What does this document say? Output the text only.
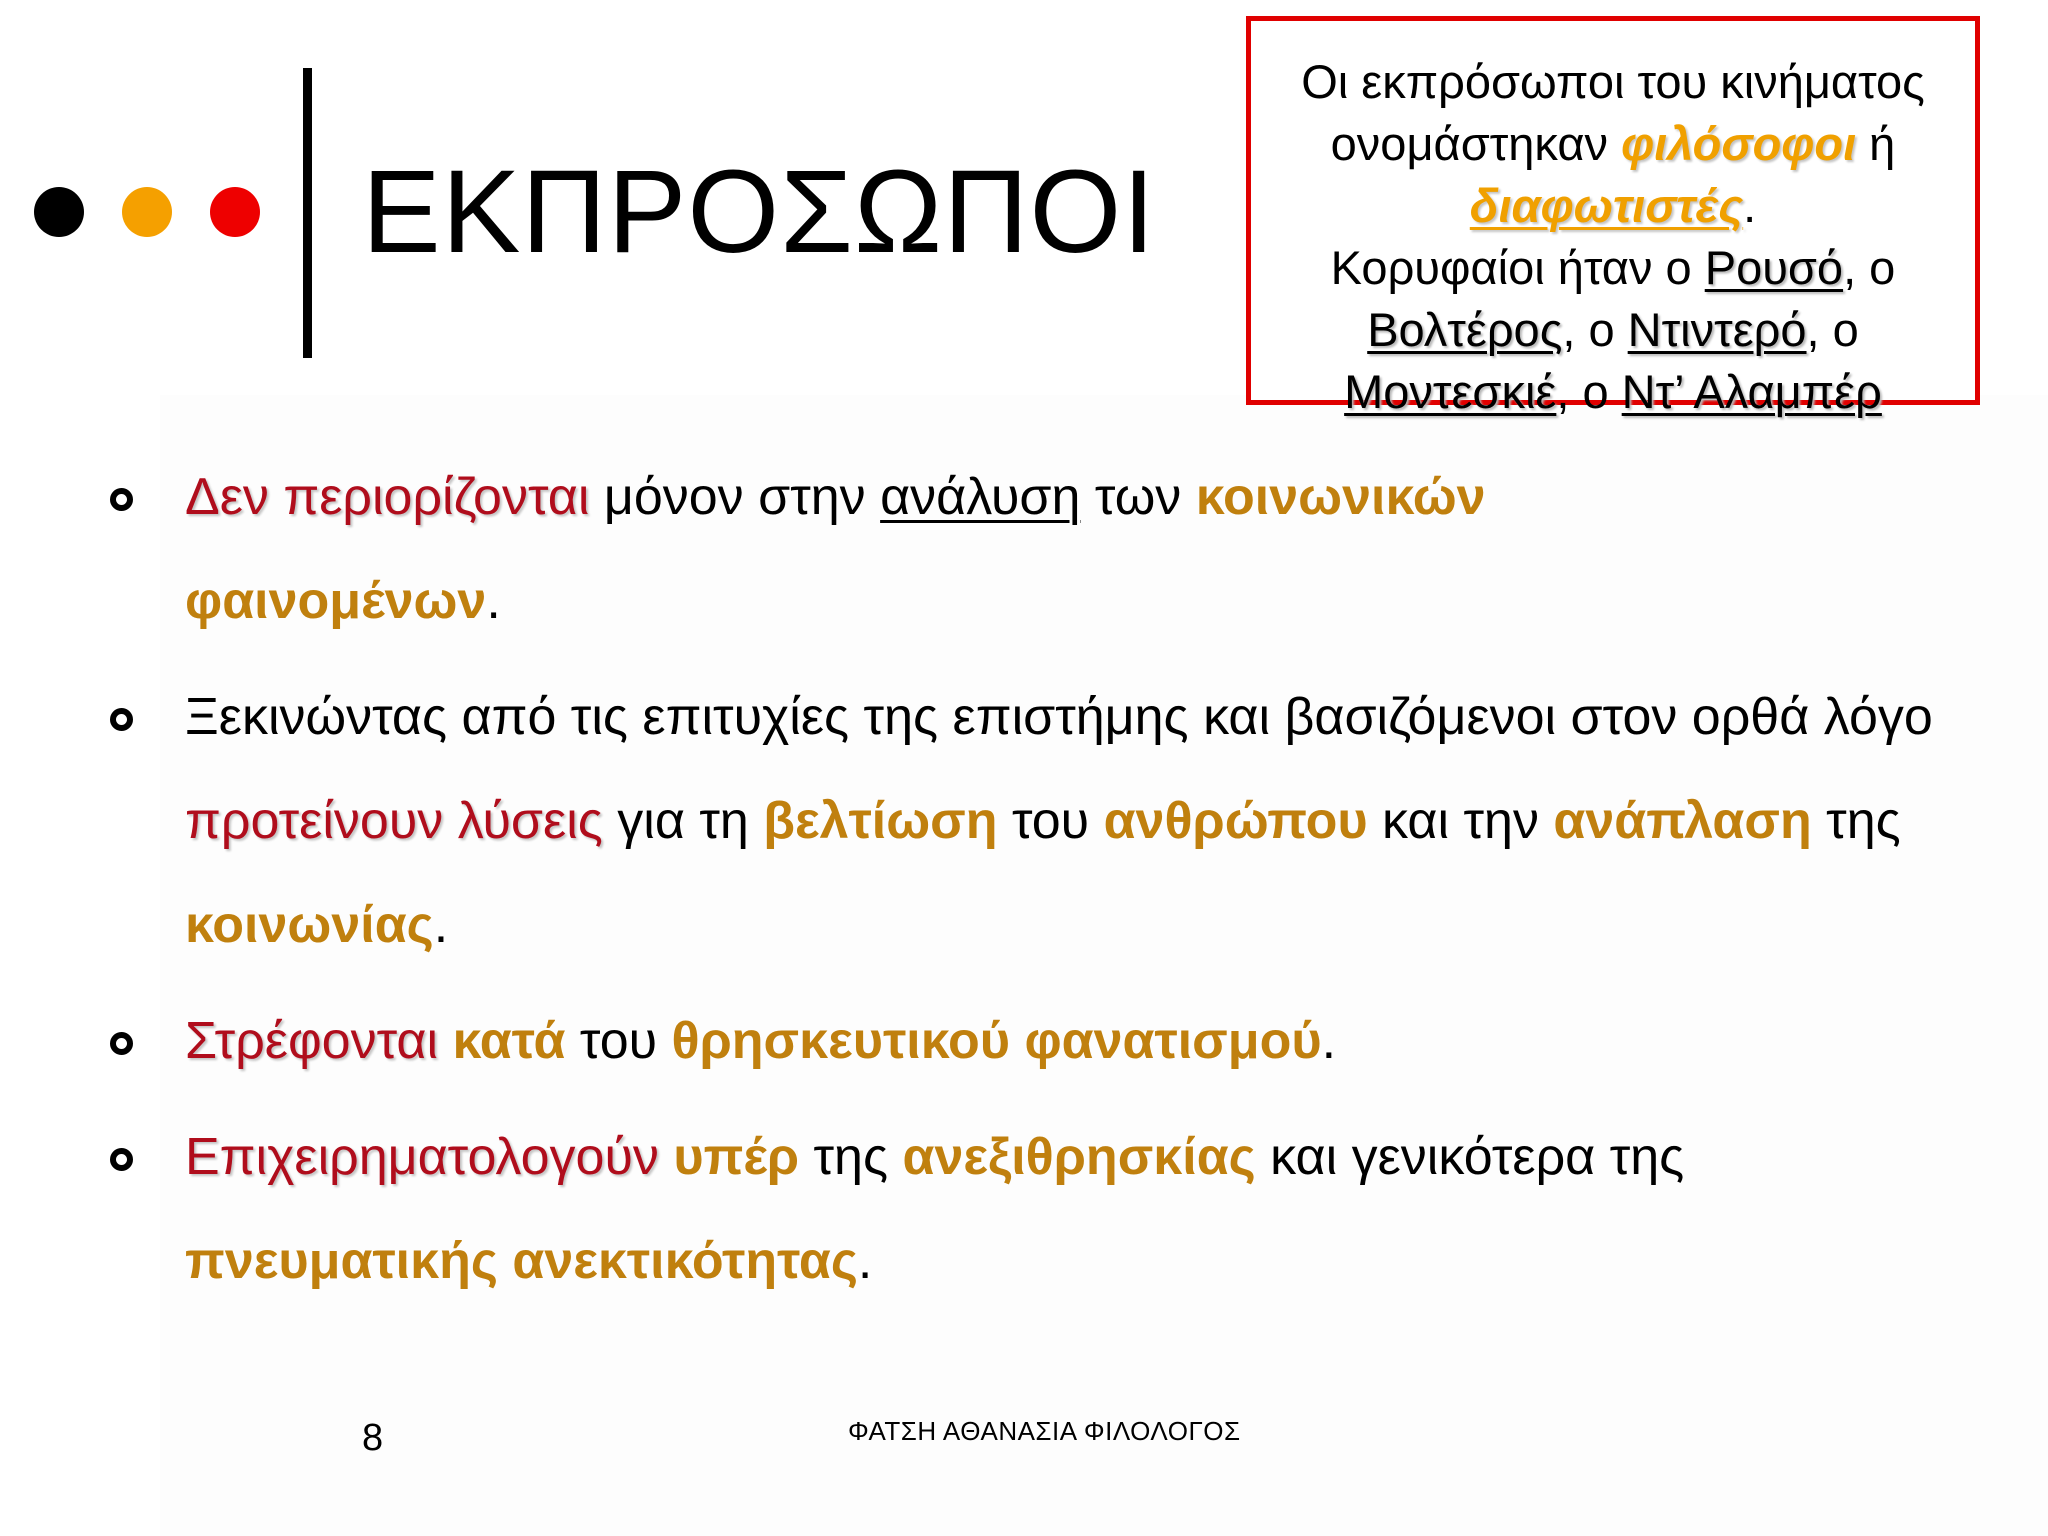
ΕΚΠΡΟΣΩΠΟΙ
Οι εκπρόσωποι του κινήματος
ονομάστηκαν φιλόσοφοι ή
διαφωτιστές.
Κορυφαίοι ήταν ο Ρουσό, ο
Βολτέρος, ο Ντιντερό, ο
Μοντεσκιέ, ο Ντ’ Αλαμπέρ
Δεν περιορίζονται μόνον στην ανάλυση των κοινωνικών φαινομένων.
Ξεκινώντας από τις επιτυχίες της επιστήμης και βασιζόμενοι στον ορθά λόγο προτείνουν λύσεις για τη βελτίωση του ανθρώπου και την ανάπλαση της κοινωνίας.
Στρέφονται κατά του θρησκευτικού φανατισμού.
Επιχειρηματολογούν υπέρ της ανεξιθρησκίας και γενικότερα της πνευματικής ανεκτικότητας.
8	ΦΑΤΣΗ ΑΘΑΝΑΣΙΑ ΦΙΛΟΛΟΓΟΣ
